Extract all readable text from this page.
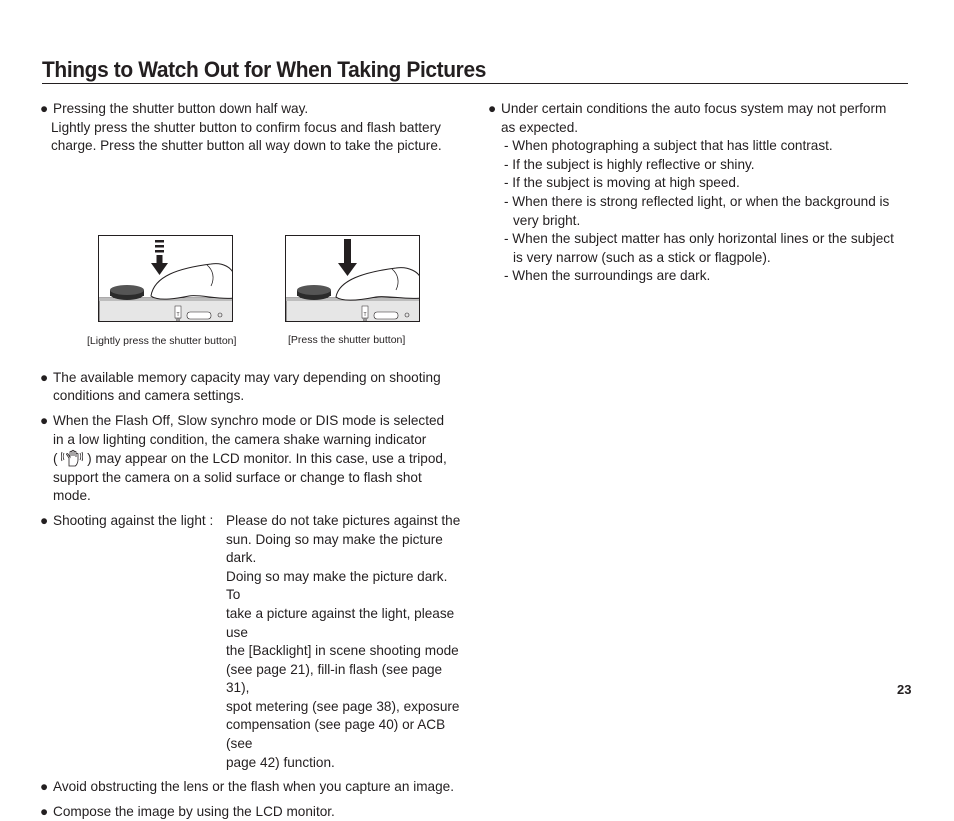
Things to Watch Out for When Taking Pictures
● Pressing the shutter button down half way.
Lightly press the shutter button to confirm focus and flash battery
charge. Press the shutter button all way down to take the picture.
T
W
T
W
[Lightly press the shutter button]	[Press the shutter button]
● The available memory capacity may vary depending on shooting
conditions and camera settings.
● When the Flash Off, Slow synchro mode or DIS mode is selected
in a low lighting condition, the camera shake warning indicator
( ) may appear on the LCD monitor. In this case, use a tripod,
support the camera on a solid surface or change to flash shot
mode.
● Shooting against the light : Please do not take pictures against the
sun. Doing so may make the picture dark.
Doing so may make the picture dark. To
take a picture against the light, please use
the [Backlight] in scene shooting mode
(see page 21), fill-in flash (see page 31),
spot metering (see page 38), exposure
compensation (see page 40) or ACB (see
page 42) function.
● Avoid obstructing the lens or the flash when you capture an image.
● Compose the image by using the LCD monitor.
● Under certain conditions the auto focus system may not perform
as expected.
- When photographing a subject that has little contrast.
- If the subject is highly reflective or shiny.
- If the subject is moving at high speed.
- When there is strong reflected light, or when the background is
very bright.
- When the subject matter has only horizontal lines or the subject
is very narrow (such as a stick or flagpole).
- When the surroundings are dark.
23
